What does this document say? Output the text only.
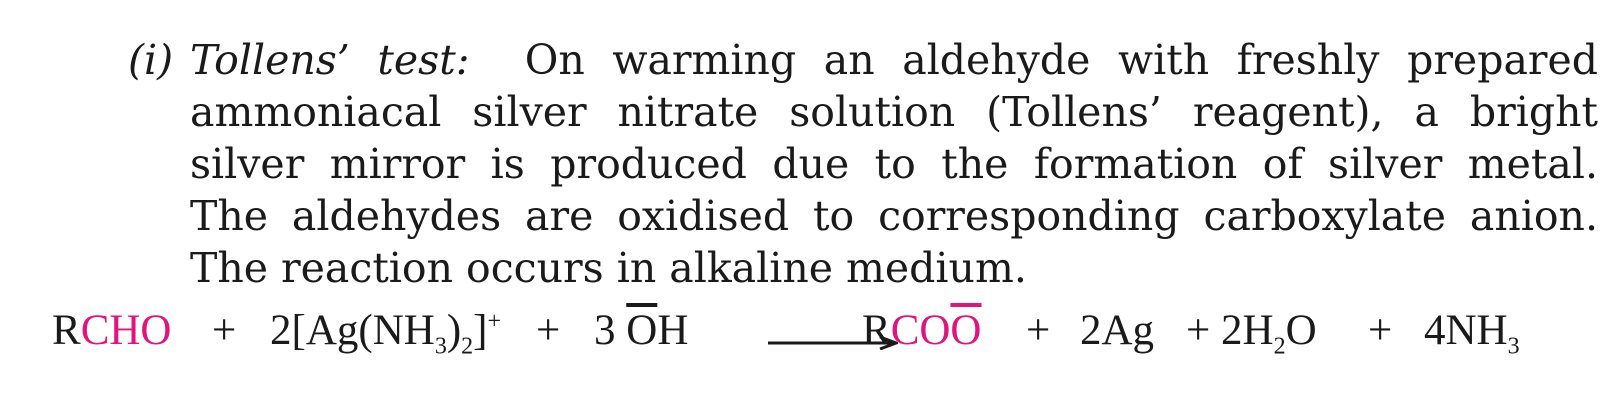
(i) Tollens’ test: On warming an aldehyde with freshly prepared
ammoniacal silver nitrate solution (Tollens’ reagent), a bright
silver mirror is produced due to the formation of silver metal.
The aldehydes are oxidised to corresponding carboxylate anion.
The reaction occurs in alkaline medium.
RCHO + $2[Ag(NH_3)_2]^+ + 3$ $\overline{O}H$	$RCO\overline{O} + 2Ag + 2H_2O + 4NH_3$
